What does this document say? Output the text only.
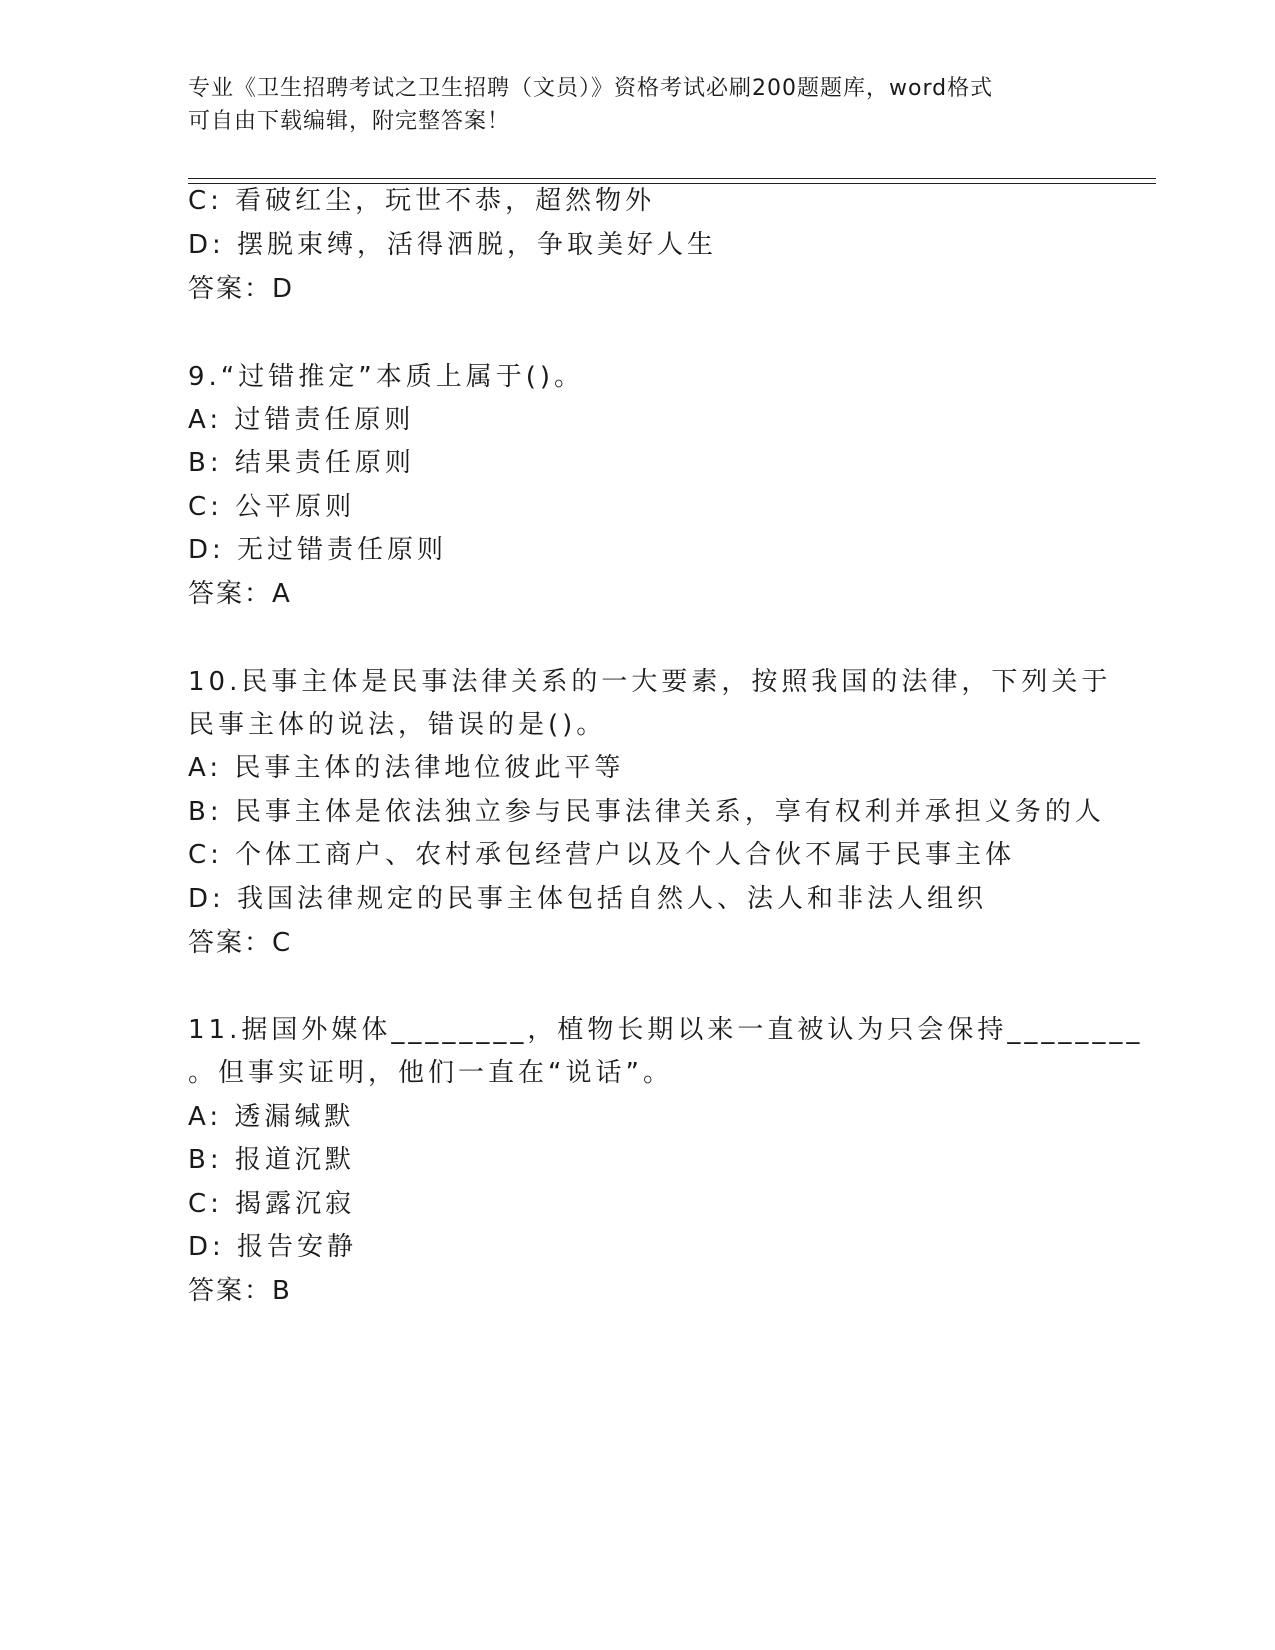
专业《卫生招聘考试之卫生招聘（文员）》资格考试必刷200题题库，word格式
可自由下载编辑，附完整答案！
C: 看破红尘，玩世不恭，超然物外
D: 摆脱束缚，活得洒脱，争取美好人生
答案：D
9.“过错推定”本质上属于()。
A: 过错责任原则
B: 结果责任原则
C: 公平原则
D: 无过错责任原则
答案：A
10.民事主体是民事法律关系的一大要素，按照我国的法律，下列关于
民事主体的说法，错误的是()。
A: 民事主体的法律地位彼此平等
B: 民事主体是依法独立参与民事法律关系，享有权利并承担义务的人
C: 个体工商户、农村承包经营户以及个人合伙不属于民事主体
D: 我国法律规定的民事主体包括自然人、法人和非法人组织
答案：C
11.据国外媒体________，植物长期以来一直被认为只会保持________
。但事实证明，他们一直在“说话”。
A: 透漏缄默
B: 报道沉默
C: 揭露沉寂
D: 报告安静
答案：B
